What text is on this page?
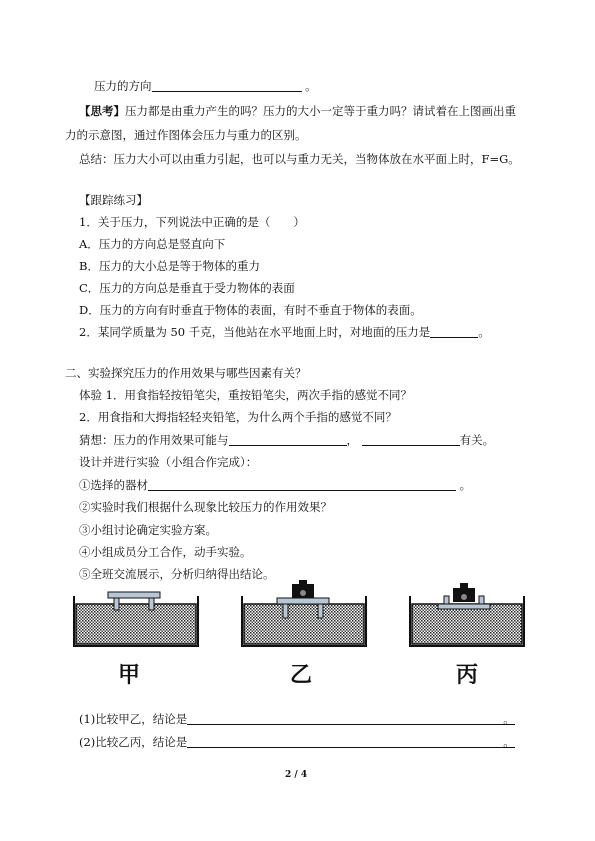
压力的方向	。
【思考】压力都是由重力产生的吗？压力的大小一定等于重力吗？请试着在上图画出重
力的示意图，通过作图体会压力与重力的区别。
总结：压力大小可以由重力引起，也可以与重力无关，当物体放在水平面上时，F=G。
【跟踪练习】
1．关于压力，下列说法中正确的是（　　）
A．压力的方向总是竖直向下
B．压力的大小总是等于物体的重力
C．压力的方向总是垂直于受力物体的表面
D．压力的方向有时垂直于物体的表面，有时不垂直于物体的表面。
2．某同学质量为 50 千克，当他站在水平地面上时，对地面的压力是	。
二、实验探究压力的作用效果与哪些因素有关？
体验 1．用食指轻按铅笔尖，重按铅笔尖，两次手指的感觉不同？
2．用食指和大拇指轻轻夹铅笔，为什么两个手指的感觉不同？
猜想：压力的作用效果可能与	，	有关。
设计并进行实验（小组合作完成）：
①选择的器材	。
②实验时我们根据什么现象比较压力的作用效果？
③小组讨论确定实验方案。
④小组成员分工合作，动手实验。
⑤全班交流展示，分析归纳得出结论。
甲	乙	丙
(1)比较甲乙，结论是	。
(2)比较乙丙，结论是	。
2 / 4
